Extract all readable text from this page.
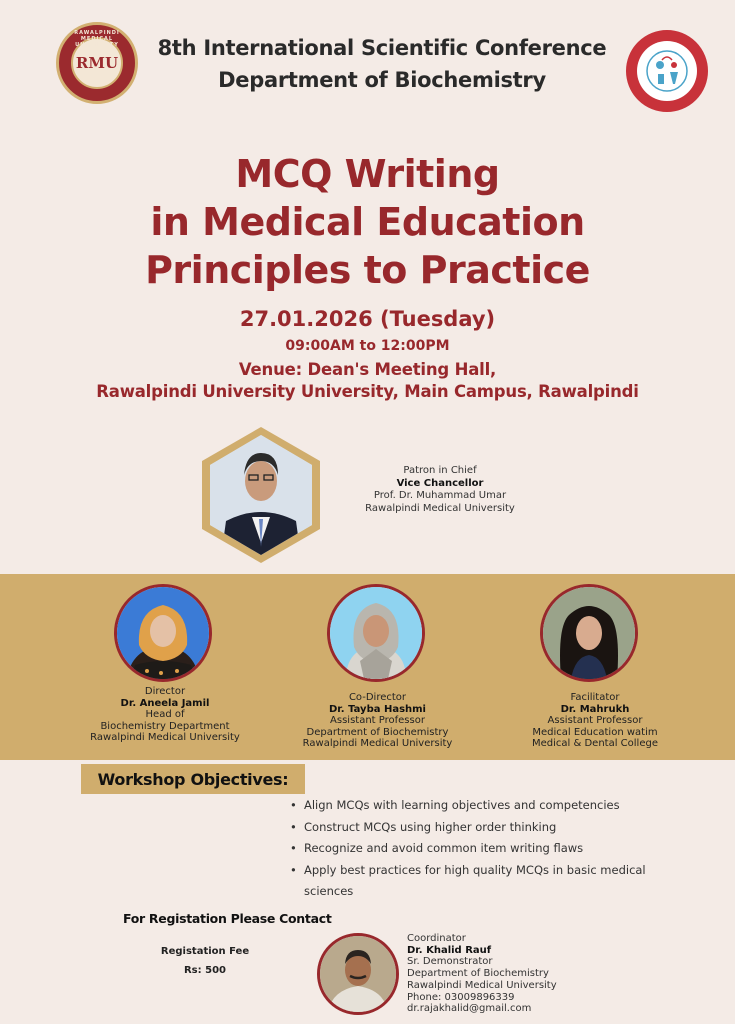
RAWALPINDI MEDICAL UNIVERSITY
RMU
8th International Scientific Conference
Department of Biochemistry
MCQ Writing
in Medical Education
Principles to Practice
27.01.2026 (Tuesday)
09:00AM to 12:00PM
Venue: Dean's Meeting Hall,
Rawalpindi University University, Main Campus, Rawalpindi
Patron in Chief
Vice Chancellor
Prof. Dr. Muhammad Umar
Rawalpindi Medical University
Director
Dr. Aneela Jamil
Head of
Biochemistry Department
Rawalpindi Medical University
Co-Director
Dr. Tayba Hashmi
Assistant Professor
Department of Biochemistry
Rawalpindi Medical University
Facilitator
Dr. Mahrukh
Assistant Professor
Medical Education watim
Medical & Dental College
Workshop Objectives:
• Align MCQs with learning objectives and competencies
• Construct MCQs using higher order thinking
• Recognize and avoid common item writing flaws
• Apply best practices for high quality MCQs in basic medical sciences
For Registation Please Contact
Registation Fee
Rs: 500
Coordinator
Dr. Khalid Rauf
Sr. Demonstrator
Department of Biochemistry
Rawalpindi Medical University
Phone: 03009896339
dr.rajakhalid@gmail.com
